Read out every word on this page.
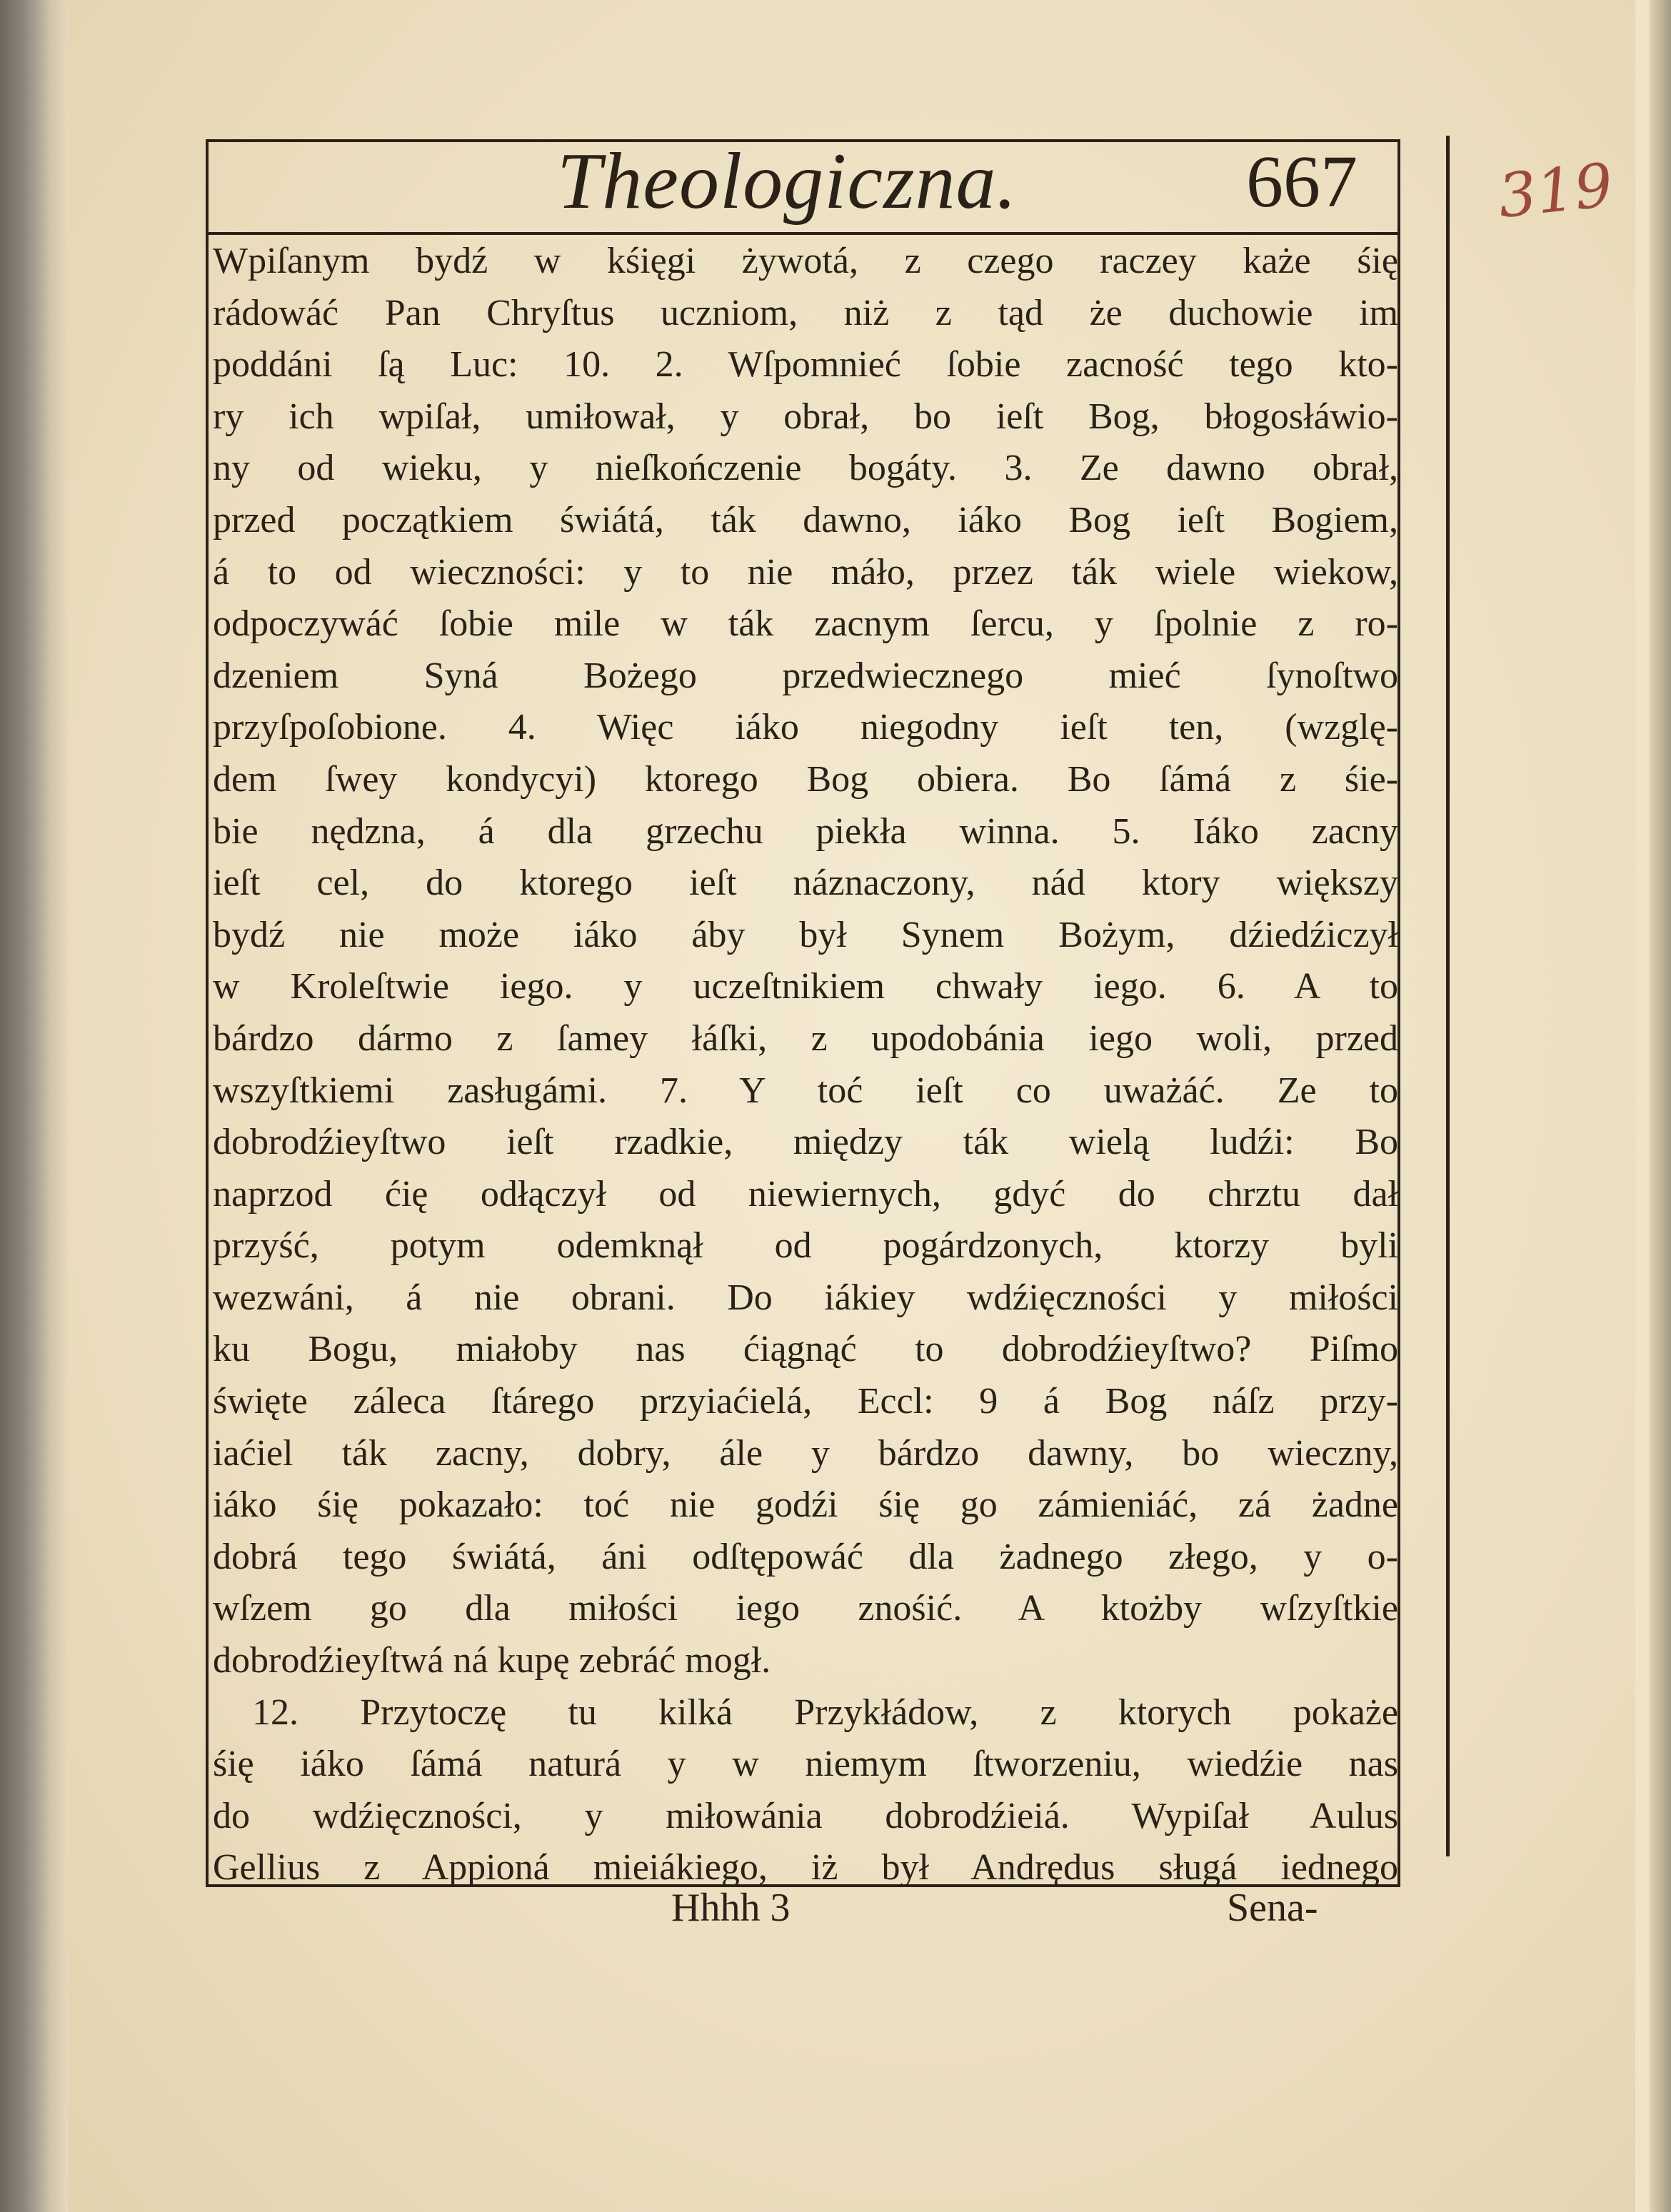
Theologiczna.	667 319
Wpiſanym bydź w kśięgi żywotá, z czego raczey każe śię
rádowáć Pan Chryſtus uczniom, niż z tąd że duchowie im
poddáni ſą Luc: 10. 2. Wſpomnieć ſobie zacność tego kto-
ry ich wpiſał, umiłował, y obrał, bo ieſt Bog, błogosłáwio-
ny od wieku, y nieſkończenie bogáty. 3. Ze dawno obrał,
przed początkiem świátá, ták dawno, iáko Bog ieſt Bogiem,
á to od wieczności: y to nie máło, przez ták wiele wiekow,
odpoczywáć ſobie mile w ták zacnym ſercu, y ſpolnie z ro-
dzeniem Syná Bożego przedwiecznego mieć ſynoſtwo
przyſpoſobione. 4. Więc iáko niegodny ieſt ten, (wzglę-
dem ſwey kondycyi) ktorego Bog obiera. Bo ſámá z śie-
bie nędzna, á dla grzechu piekła winna. 5. Iáko zacny
ieſt cel, do ktorego ieſt náznaczony, nád ktory większy
bydź nie może iáko áby był Synem Bożym, dźiedźiczył
w Kroleſtwie iego. y uczeſtnikiem chwały iego. 6. A to
bárdzo dármo z ſamey łáſki, z upodobánia iego woli, przed
wszyſtkiemi zasługámi. 7. Y toć ieſt co uważáć. Ze to
dobrodźieyſtwo ieſt rzadkie, między ták wielą ludźi: Bo
naprzod ćię odłączył od niewiernych, gdyć do chrztu dał
przyść, potym odemknął od pogárdzonych, ktorzy byli
wezwáni, á nie obrani. Do iákiey wdźięczności y miłości
ku Bogu, miałoby nas ćiągnąć to dobrodźieyſtwo? Piſmo
święte záleca ſtárego przyiaćielá, Eccl: 9 á Bog náſz przy-
iaćiel ták zacny, dobry, ále y bárdzo dawny, bo wieczny,
iáko śię pokazało: toć nie godźi śię go zámieniáć, zá żadne
dobrá tego świátá, áni odſtępowáć dla żadnego złego, y o-
wſzem go dla miłości iego znośić. A ktożby wſzyſtkie
dobrodźieyſtwá ná kupę zebráć mogł.
12. Przytoczę tu kilká Przykłádow, z ktorych pokaże
śię iáko ſámá naturá y w niemym ſtworzeniu, wiedźie nas
do wdźięczności, y miłowánia dobrodźieiá. Wypiſał Aulus
Gellius z Appioná mieiákiego, iż był Andrędus sługá iednego
Hhhh 3	Sena-
